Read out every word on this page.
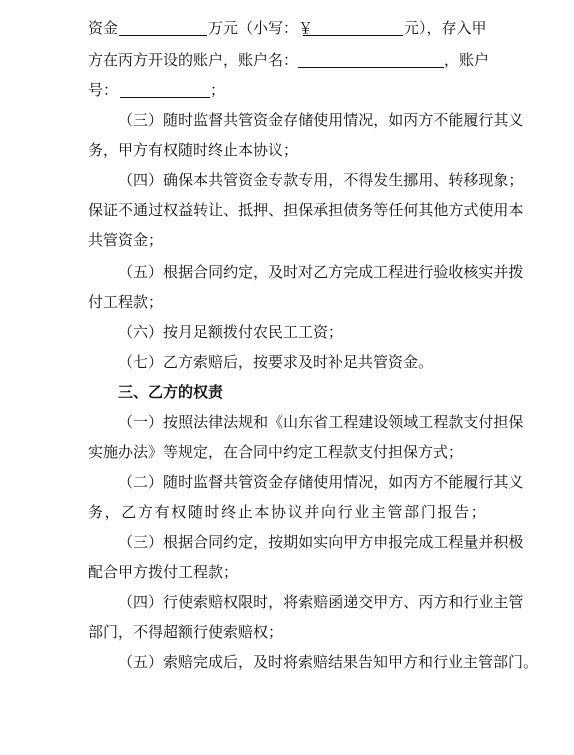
资金	万元（小写：￥	元），存入甲
方在丙方开设的账户，账户名：	，账户
号：	；
（ 三 ） 随 时 监 督 共 管 资 金 存 储 使 用 情 况 ， 如 丙 方 不 能 履 行 其 义
务，甲方有权随时终止本协议；
（ 四 ） 确 保 本 共 管 资 金 专 款 专 用 ， 不 得 发 生 挪 用 、 转 移 现 象 ；
保 证 不 通 过 权 益 转 让 、 抵 押 、 担 保 承 担 债 务 等 任 何 其 他 方 式 使 用 本
共管资金；
（ 五 ） 根 据 合 同 约 定 ， 及 时 对 乙 方 完 成 工 程 进 行 验 收 核 实 并 拨
付工程款；
（六）按月足额拨付农民工工资；
（七）乙方索赔后，按要求及时补足共管资金。
三、乙方的权责
（ 一 ） 按 照 法 律 法 规 和 《 山 东 省 工 程 建 设 领 域 工 程 款 支 付 担 保
实施办法》等规定，在合同中约定工程款支付担保方式；
（ 二 ） 随 时 监 督 共 管 资 金 存 储 使 用 情 况 ， 如 丙 方 不 能 履 行 其 义
务 ， 乙 方 有 权 随 时 终 止 本 协 议 并 向 行 业 主 管 部 门 报 告 ；
（ 三 ） 根 据 合 同 约 定 ， 按 期 如 实 向 甲 方 申 报 完 成 工 程 量 并 积 极
配合甲方拨付工程款；
（ 四 ） 行 使 索 赔 权 限 时 ， 将 索 赔 函 递 交 甲 方 、 丙 方 和 行 业 主 管
部门，不得超额行使索赔权；
（五）索赔完成后，及时将索赔结果告知甲方和行业主管部门。
